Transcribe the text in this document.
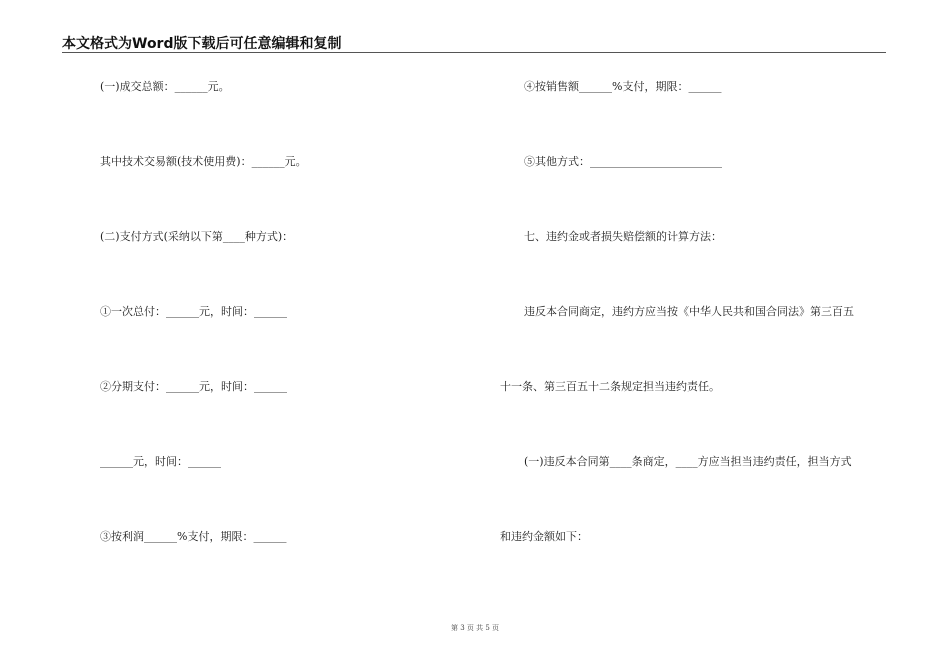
本文格式为Word版下载后可任意编辑和复制
(一)成交总额：______元。
其中技术交易额(技术使用费)：______元。
(二)支付方式(采纳以下第____种方式)：
①一次总付：______元，时间：______
②分期支付：______元，时间：______
______元，时间：______
③按利润______%支付，期限：______
④按销售额______%支付，期限：______
⑤其他方式：________________________
七、违约金或者损失赔偿额的计算方法：
违反本合同商定，违约方应当按《中华人民共和国合同法》第三百五
十一条、第三百五十二条规定担当违约责任。
(一)违反本合同第____条商定，____方应当担当违约责任，担当方式
和违约金额如下：
第 3 页 共 5 页
